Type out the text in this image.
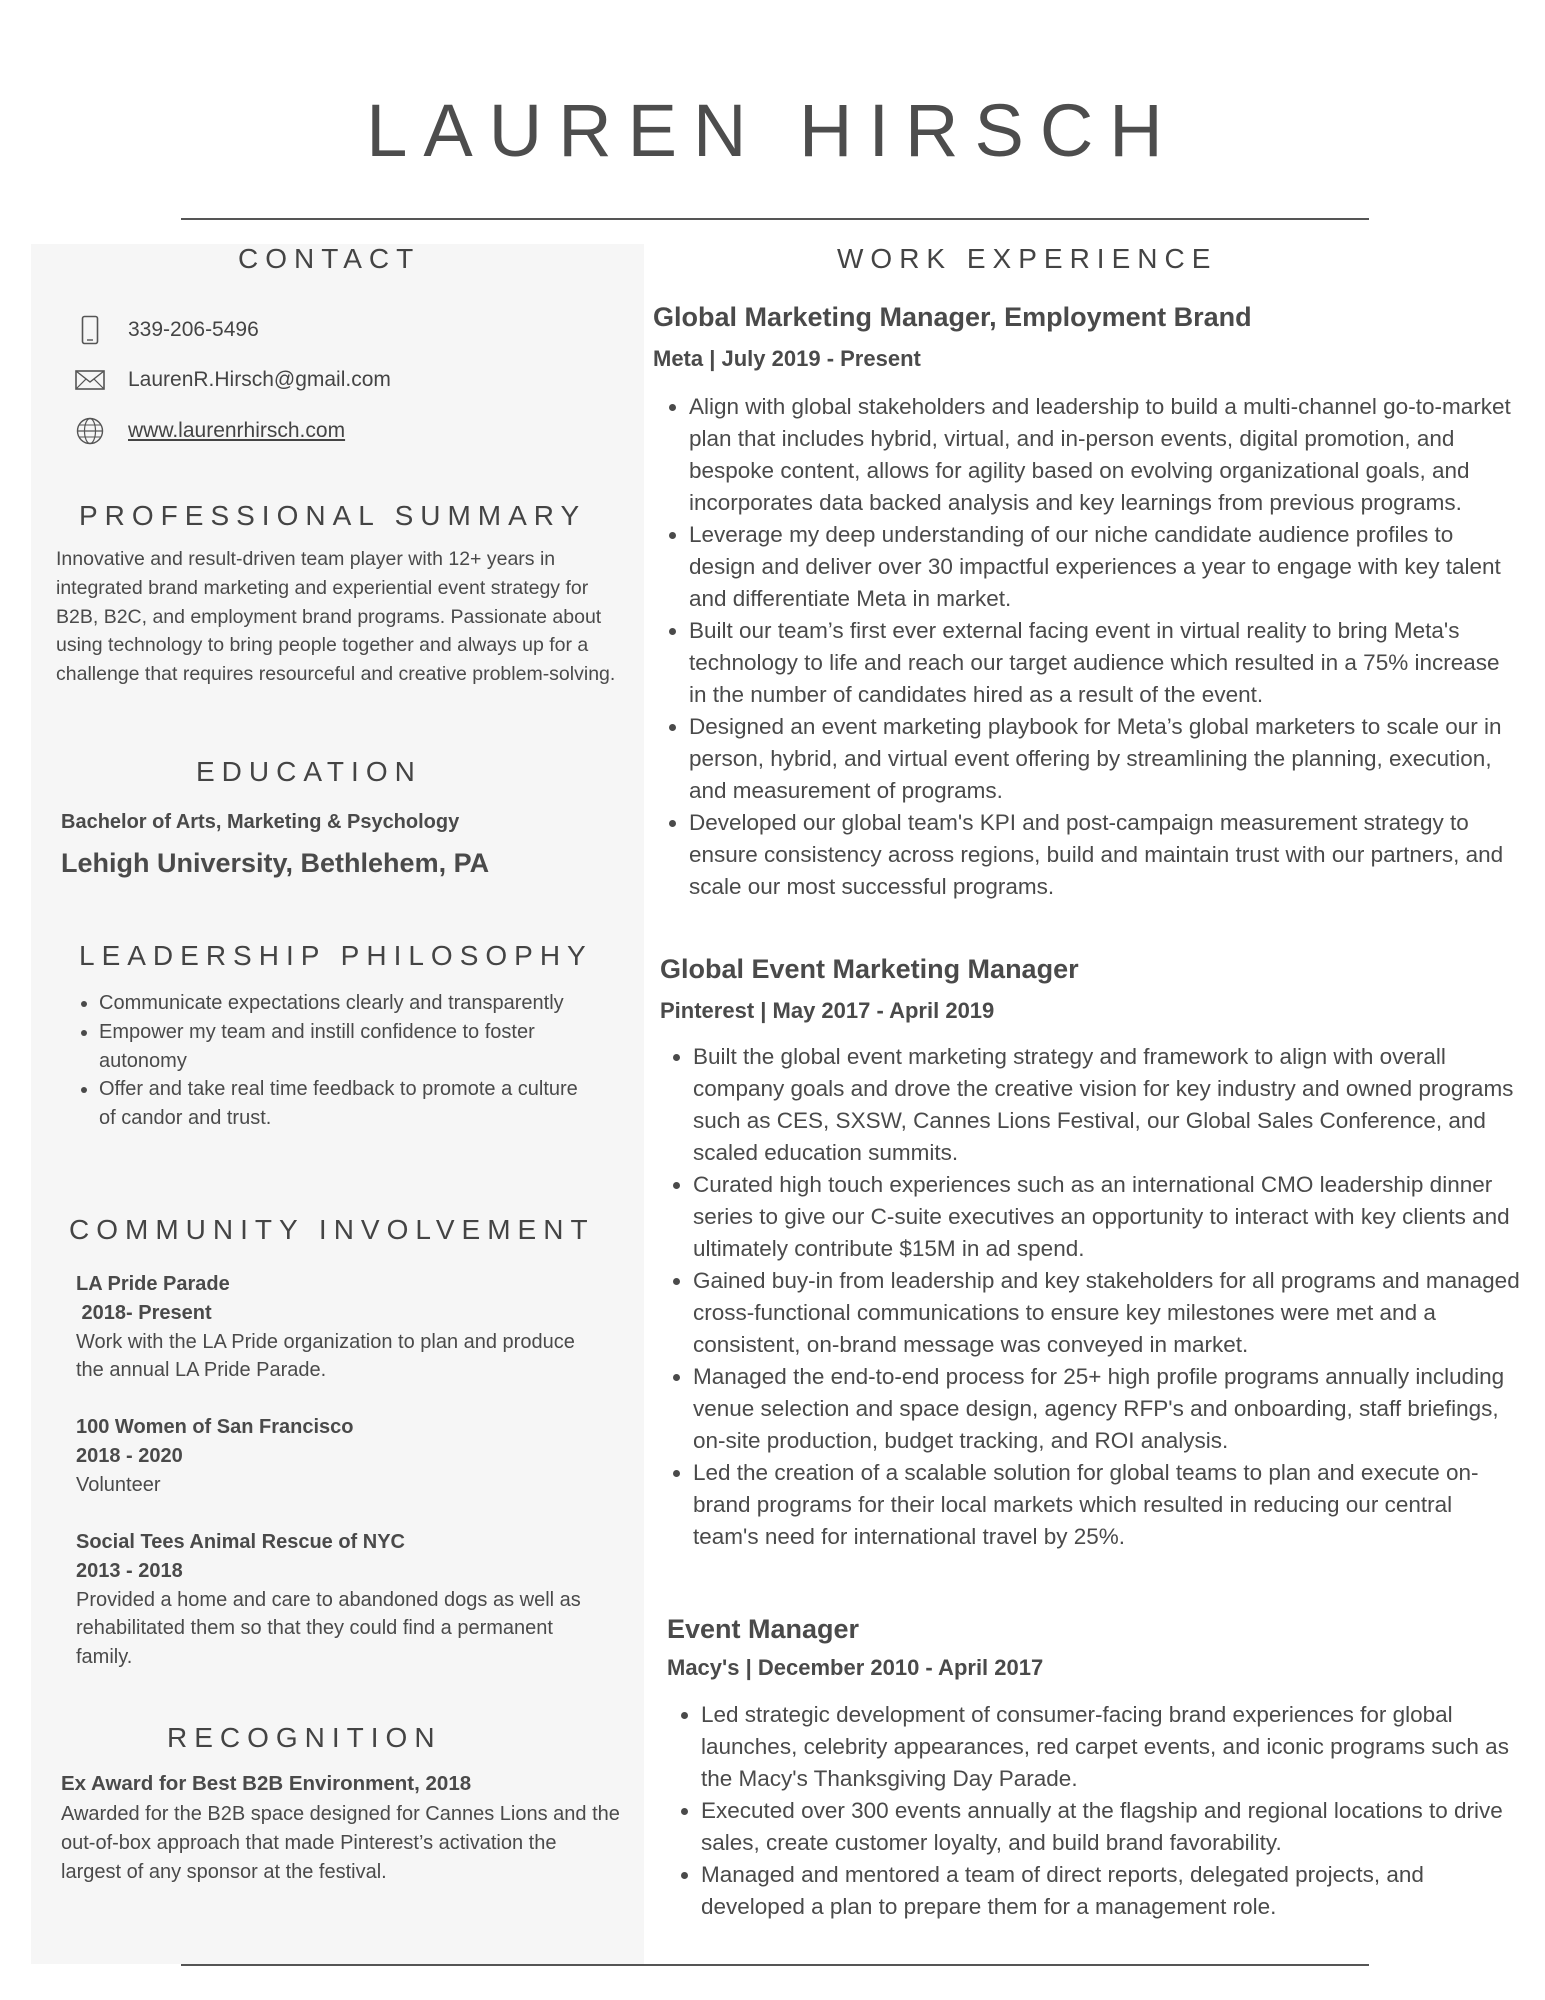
LAUREN HIRSCH
CONTACT
339-206-5496
LaurenR.Hirsch@gmail.com
www.laurenrhirsch.com
PROFESSIONAL SUMMARY
Innovative and result-driven team player with 12+ years in integrated brand marketing and experiential event strategy for B2B, B2C, and employment brand programs. Passionate about using technology to bring people together and always up for a challenge that requires resourceful and creative problem-solving.
EDUCATION
Bachelor of Arts, Marketing & Psychology
Lehigh University, Bethlehem, PA
LEADERSHIP PHILOSOPHY
• Communicate expectations clearly and transparently
• Empower my team and instill confidence to foster autonomy
• Offer and take real time feedback to promote a culture of candor and trust.
COMMUNITY INVOLVEMENT
LA Pride Parade
2018- Present
Work with the LA Pride organization to plan and produce the annual LA Pride Parade.
100 Women of San Francisco
2018 - 2020
Volunteer
Social Tees Animal Rescue of NYC
2013 - 2018
Provided a home and care to abandoned dogs as well as rehabilitated them so that they could find a permanent family.
RECOGNITION
Ex Award for Best B2B Environment, 2018
Awarded for the B2B space designed for Cannes Lions and the out-of-box approach that made Pinterest’s activation the largest of any sponsor at the festival.
WORK EXPERIENCE
Global Marketing Manager, Employment Brand
Meta | July 2019 - Present
• Align with global stakeholders and leadership to build a multi-channel go-to-market plan that includes hybrid, virtual, and in-person events, digital promotion, and bespoke content, allows for agility based on evolving organizational goals, and incorporates data backed analysis and key learnings from previous programs.
• Leverage my deep understanding of our niche candidate audience profiles to design and deliver over 30 impactful experiences a year to engage with key talent and differentiate Meta in market.
• Built our team’s first ever external facing event in virtual reality to bring Meta's technology to life and reach our target audience which resulted in a 75% increase in the number of candidates hired as a result of the event.
• Designed an event marketing playbook for Meta’s global marketers to scale our in person, hybrid, and virtual event offering by streamlining the planning, execution, and measurement of programs.
• Developed our global team's KPI and post-campaign measurement strategy to ensure consistency across regions, build and maintain trust with our partners, and scale our most successful programs.
Global Event Marketing Manager
Pinterest | May 2017 - April 2019
• Built the global event marketing strategy and framework to align with overall company goals and drove the creative vision for key industry and owned programs such as CES, SXSW, Cannes Lions Festival, our Global Sales Conference, and scaled education summits.
• Curated high touch experiences such as an international CMO leadership dinner series to give our C-suite executives an opportunity to interact with key clients and ultimately contribute $15M in ad spend.
• Gained buy-in from leadership and key stakeholders for all programs and managed cross-functional communications to ensure key milestones were met and a consistent, on-brand message was conveyed in market.
• Managed the end-to-end process for 25+ high profile programs annually including venue selection and space design, agency RFP's and onboarding, staff briefings, on-site production, budget tracking, and ROI analysis.
• Led the creation of a scalable solution for global teams to plan and execute on-brand programs for their local markets which resulted in reducing our central team's need for international travel by 25%.
Event Manager
Macy's | December 2010 - April 2017
• Led strategic development of consumer-facing brand experiences for global launches, celebrity appearances, red carpet events, and iconic programs such as the Macy's Thanksgiving Day Parade.
• Executed over 300 events annually at the flagship and regional locations to drive sales, create customer loyalty, and build brand favorability.
• Managed and mentored a team of direct reports, delegated projects, and developed a plan to prepare them for a management role.
